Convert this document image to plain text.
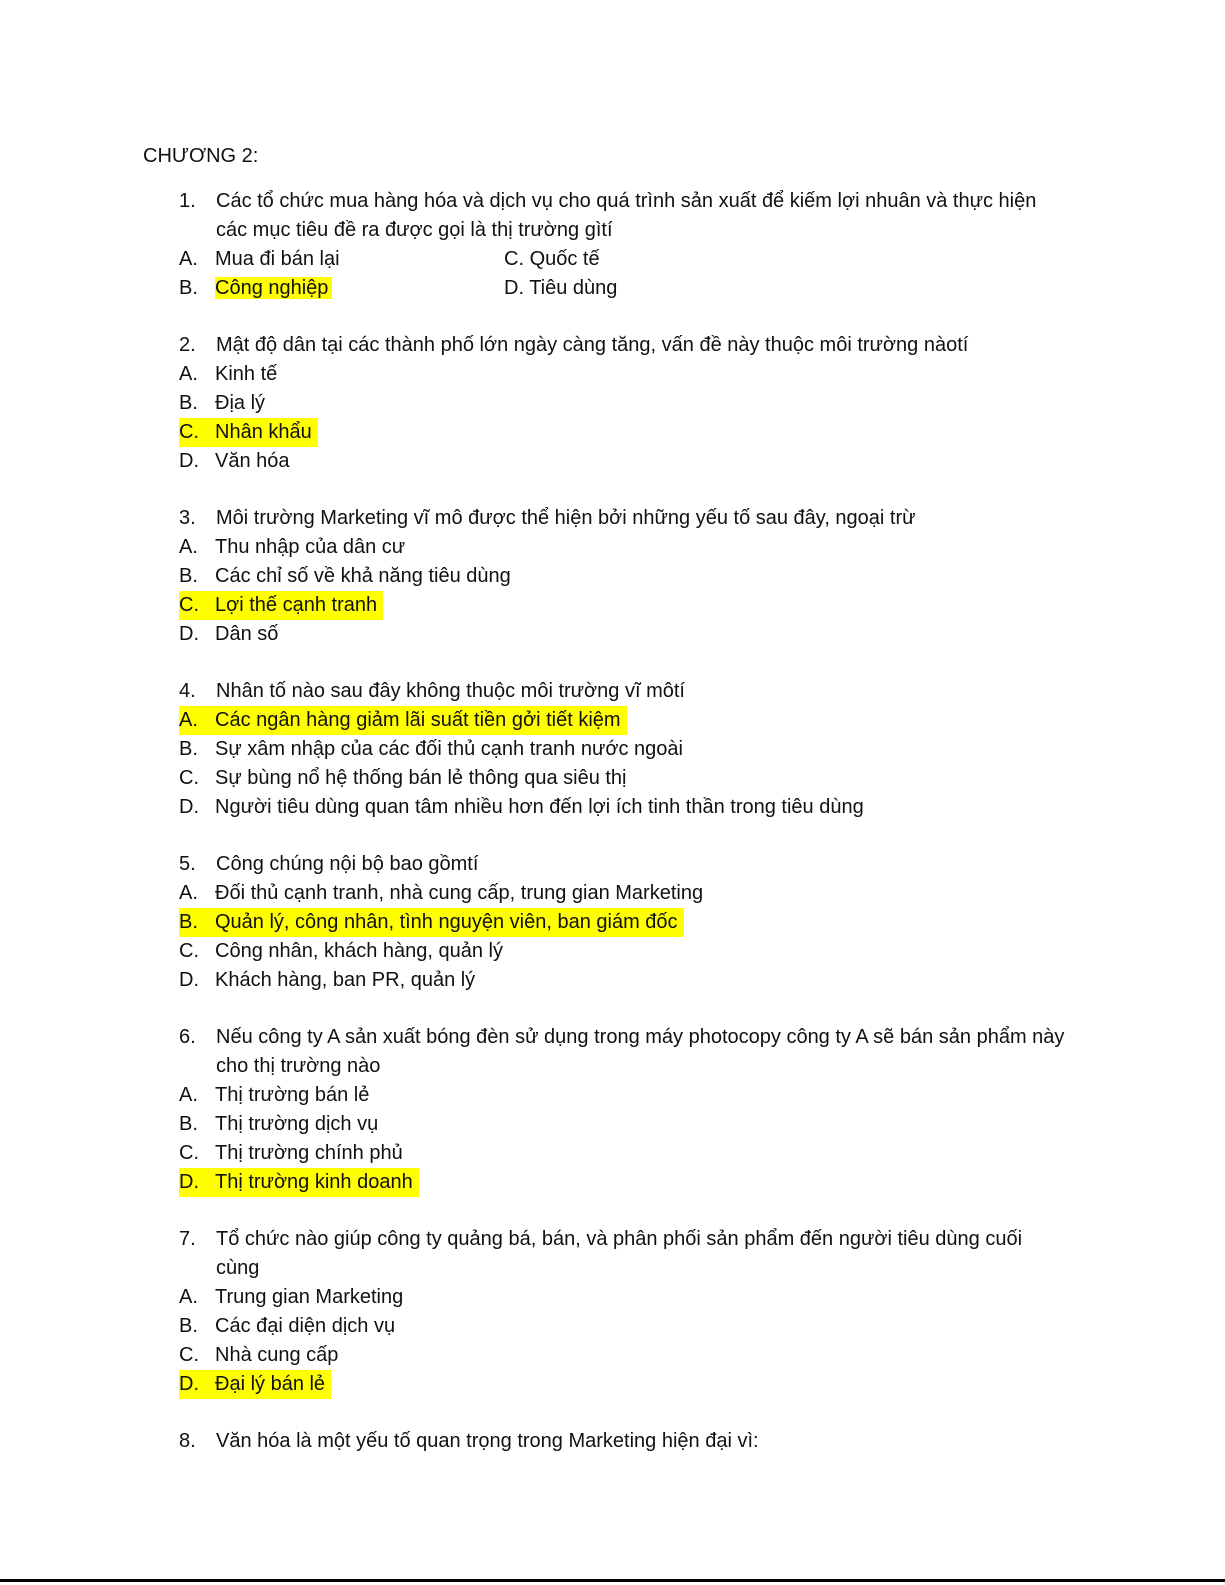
CHƯƠNG 2:
1. Các tổ chức mua hàng hóa và dịch vụ cho quá trình sản xuất để kiếm lợi nhuân và thực hiện các mục tiêu đề ra được gọi là thị trường gìtí
A. Mua đi bán lại	C. Quốc tế
B. Công nghiệp	D. Tiêu dùng
2. Mật độ dân tại các thành phố lớn ngày càng tăng, vấn đề này thuộc môi trường nàotí
A. Kinh tế
B. Địa lý
C. Nhân khẩu
D. Văn hóa
3. Môi trường Marketing vĩ mô được thể hiện bởi những yếu tố sau đây, ngoại trừ
A. Thu nhập của dân cư
B. Các chỉ số về khả năng tiêu dùng
C. Lợi thế cạnh tranh
D. Dân số
4. Nhân tố nào sau đây không thuộc môi trường vĩ môtí
A. Các ngân hàng giảm lãi suất tiền gởi tiết kiệm
B. Sự xâm nhập của các đối thủ cạnh tranh nước ngoài
C. Sự bùng nổ hệ thống bán lẻ thông qua siêu thị
D. Người tiêu dùng quan tâm nhiều hơn đến lợi ích tinh thần trong tiêu dùng
5. Công chúng nội bộ bao gồmtí
A. Đối thủ cạnh tranh, nhà cung cấp, trung gian Marketing
B. Quản lý, công nhân, tình nguyện viên, ban giám đốc
C. Công nhân, khách hàng, quản lý
D. Khách hàng, ban PR, quản lý
6. Nếu công ty A sản xuất bóng đèn sử dụng trong máy photocopy công ty A sẽ bán sản phẩm này cho thị trường nào
A. Thị trường bán lẻ
B. Thị trường dịch vụ
C. Thị trường chính phủ
D. Thị trường kinh doanh
7. Tổ chức nào giúp công ty quảng bá, bán, và phân phối sản phẩm đến người tiêu dùng cuối cùng
A. Trung gian Marketing
B. Các đại diện dịch vụ
C. Nhà cung cấp
D. Đại lý bán lẻ
8. Văn hóa là một yếu tố quan trọng trong Marketing hiện đại vì:
